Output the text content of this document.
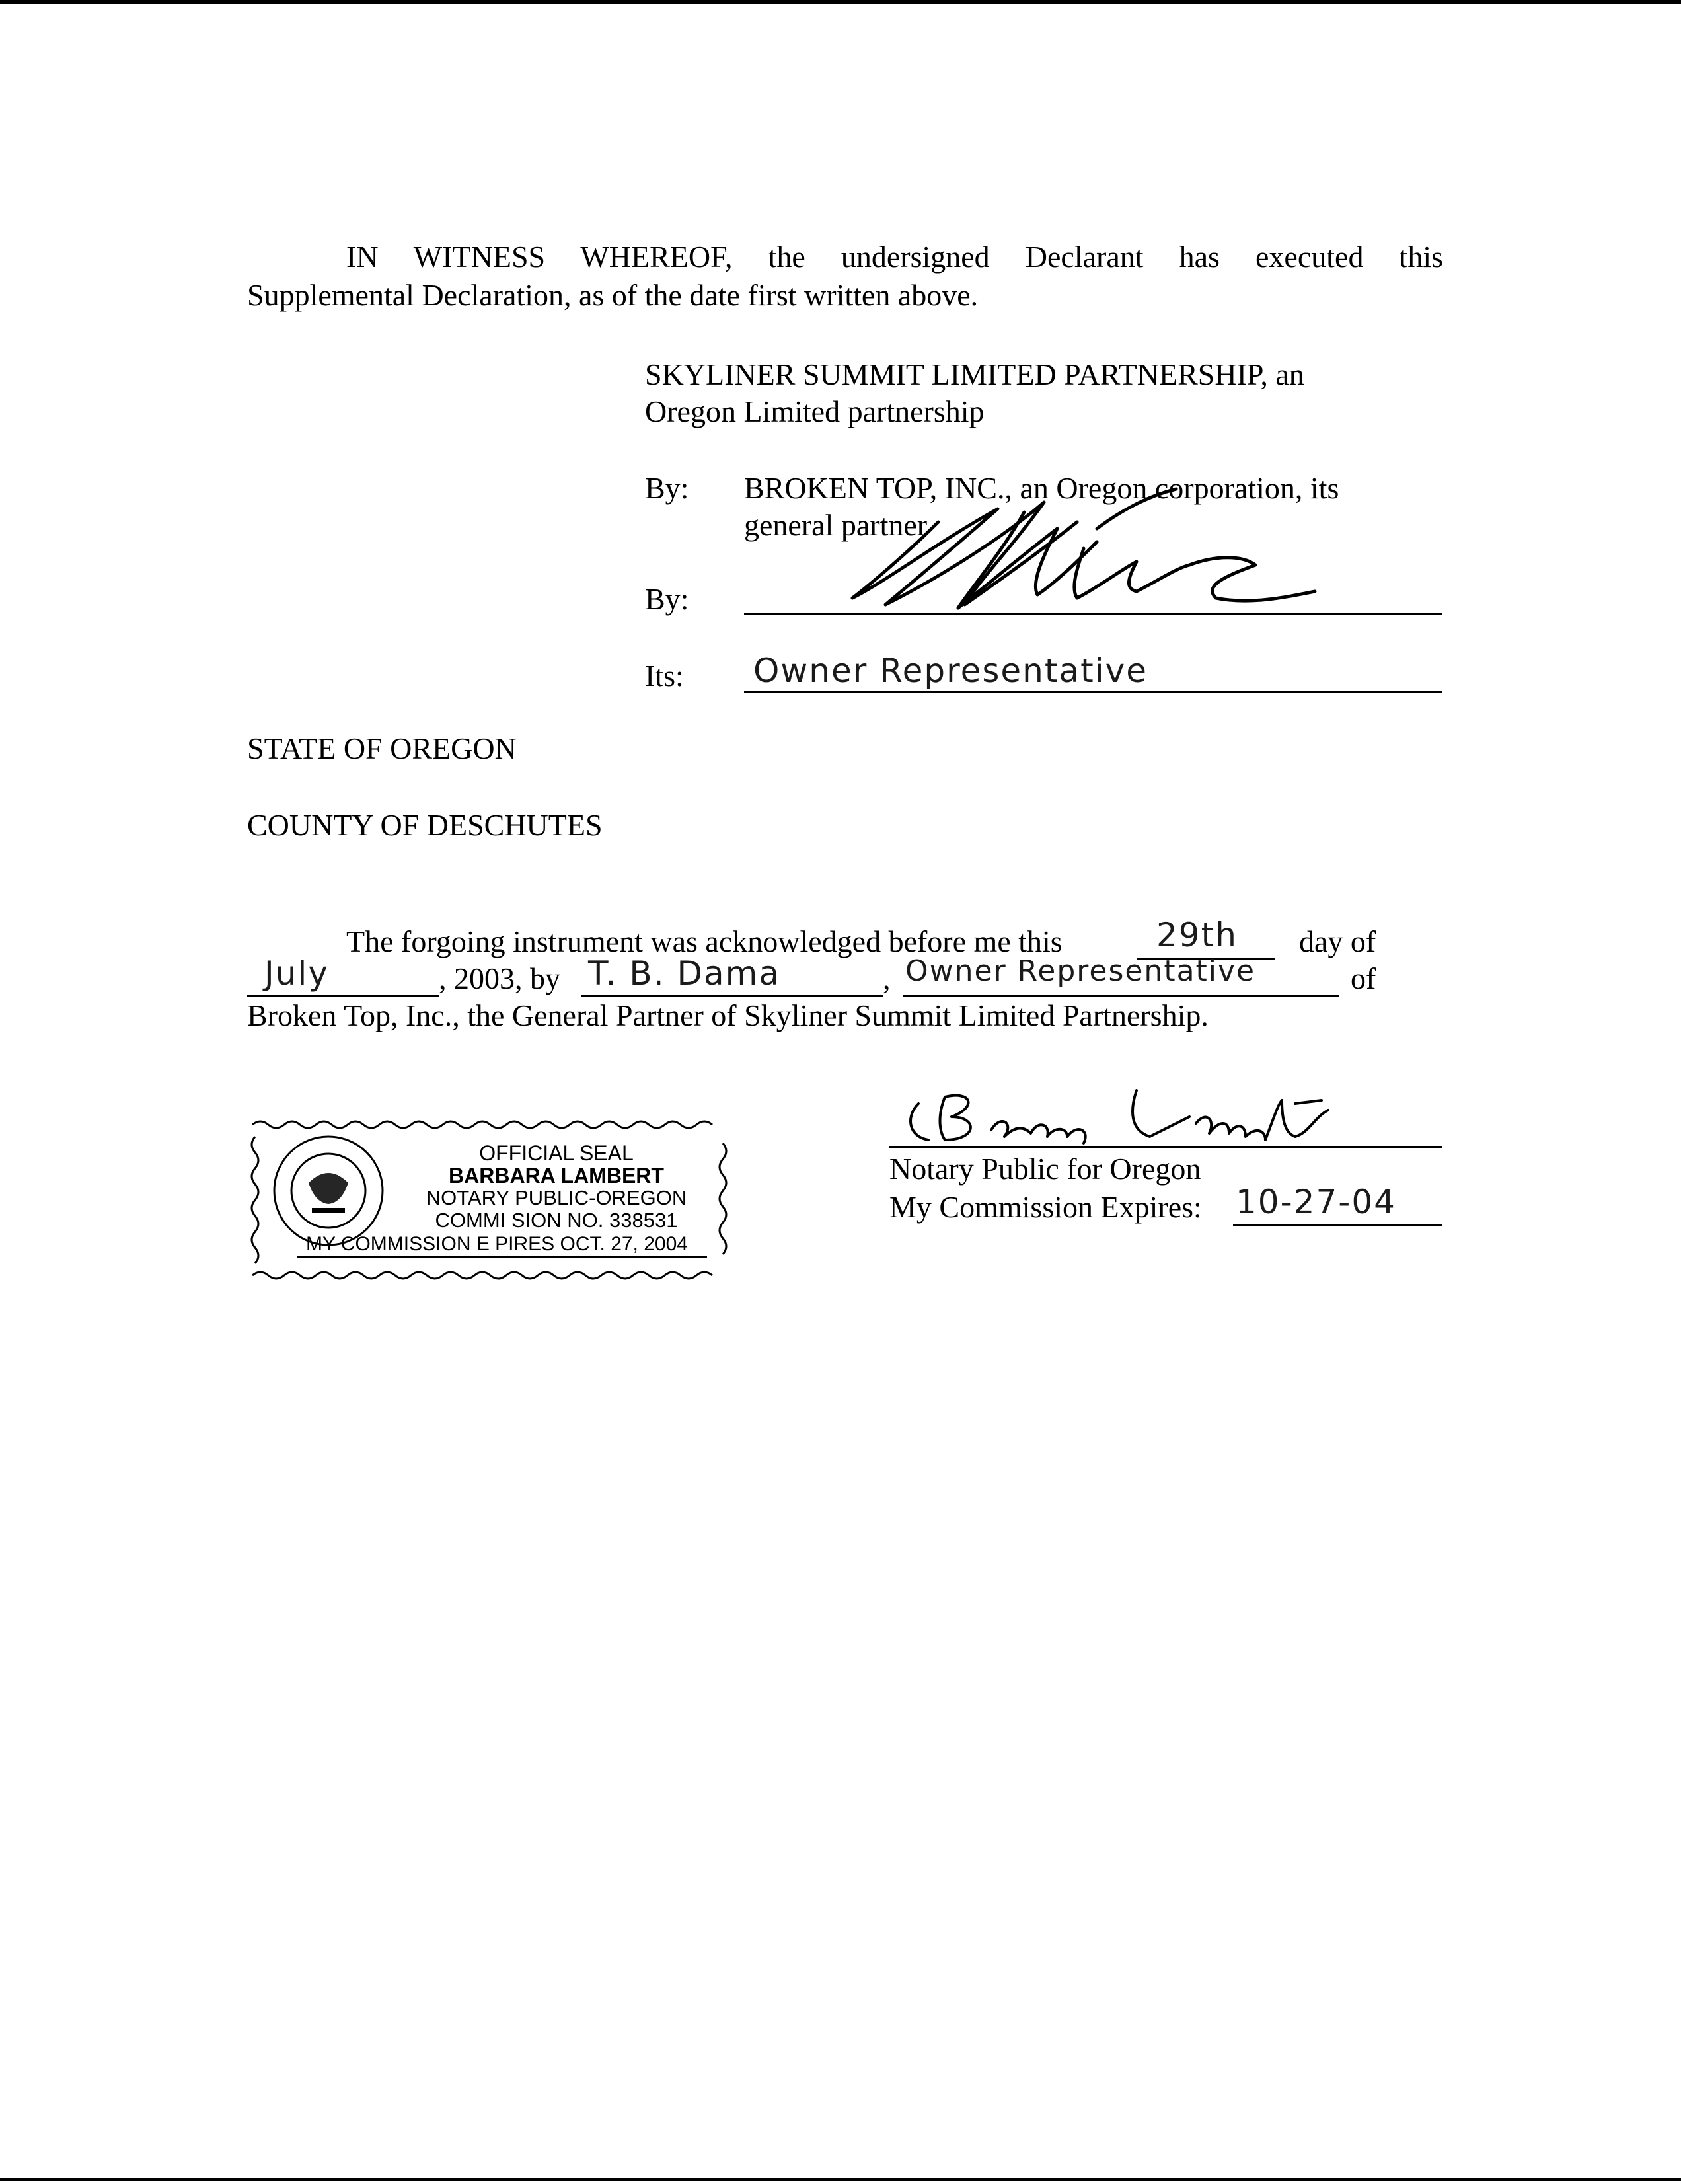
IN WITNESS WHEREOF, the undersigned Declarant has executed this
Supplemental Declaration, as of the date first written above.
SKYLINER SUMMIT LIMITED PARTNERSHIP, an
Oregon Limited partnership
By: BROKEN TOP, INC., an Oregon corporation, its
general partner
By:
Its: Owner Representative
STATE OF OREGON
COUNTY OF DESCHUTES
The forgoing instrument was acknowledged before me this	29th day of
July	, 2003, by T. B. Dama	, Owner Representative	of
Broken Top, Inc., the General Partner of Skyliner Summit Limited Partnership.
OFFICIAL SEAL
BARBARA LAMBERT
NOTARY PUBLIC-OREGON
COMMI SION NO. 338531
MY COMMISSION E PIRES OCT. 27, 2004
Notary Public for Oregon
My Commission Expires: 10-27-04
